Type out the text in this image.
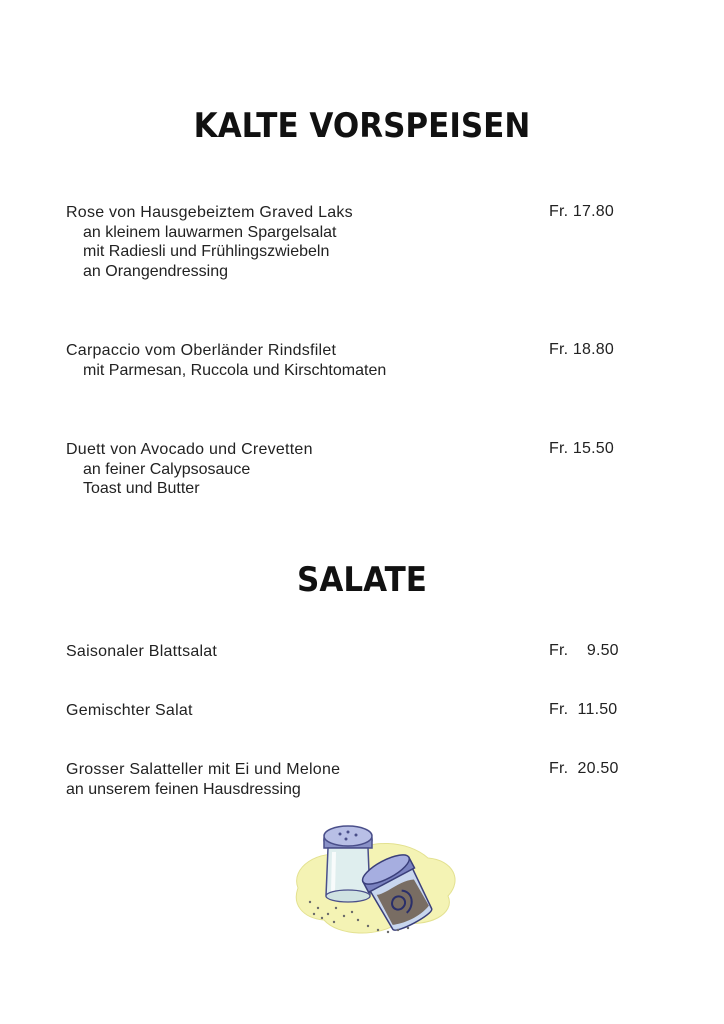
KALTE VORSPEISEN
Rose von Hausgebeiztem Graved Laks
an kleinem lauwarmen Spargelsalat
mit Radiesli und Frühlingszwiebeln
an Orangendressing
Fr. 17.80
Carpaccio vom Oberländer Rindsfilet
mit Parmesan, Ruccola und Kirschtomaten
Fr. 18.80
Duett von Avocado und Crevetten
an feiner Calypsosauce
Toast und Butter
Fr. 15.50
SALATE
Saisonaler Blattsalat	Fr.    9.50
Gemischter Salat	Fr.  11.50
Grosser Salatteller mit Ei und Melone
an unserem feinen Hausdressing
Fr.  20.50
